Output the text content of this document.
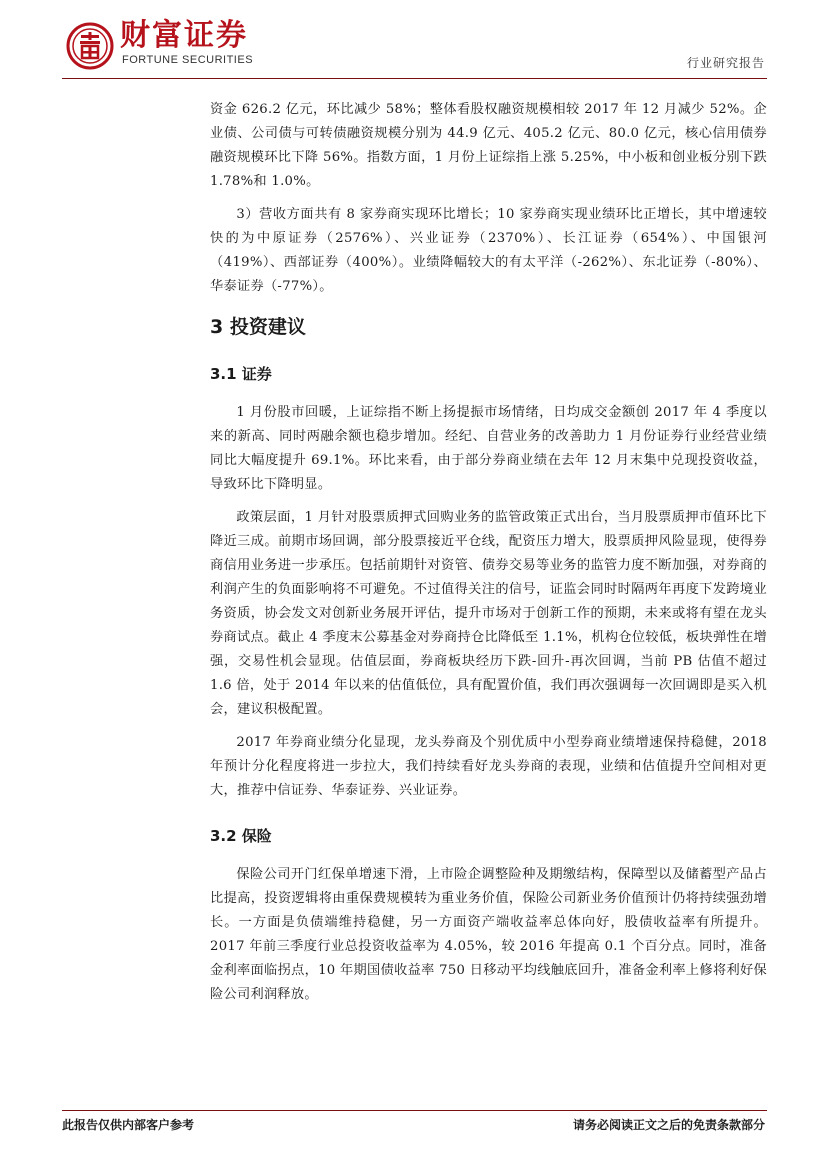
财富证券
FORTUNE SECURITIES	行业研究报告

资金 626.2 亿元，环比减少 58%；整体看股权融资规模相较 2017 年 12 月减少 52%。企业债、公司债与可转债融资规模分别为 44.9 亿元、405.2 亿元、80.0 亿元，核心信用债券融资规模环比下降 56%。指数方面，1 月份上证综指上涨 5.25%，中小板和创业板分别下跌 1.78%和 1.0%。

3）营收方面共有 8 家券商实现环比增长；10 家券商实现业绩环比正增长，其中增速较快的为中原证券（2576%）、兴业证券（2370%）、长江证券（654%）、中国银河（419%）、西部证券（400%）。业绩降幅较大的有太平洋（-262%）、东北证券（-80%）、华泰证券（-77%）。

3 投资建议
3.1 证券

1 月份股市回暖，上证综指不断上扬提振市场情绪，日均成交金额创 2017 年 4 季度以来的新高、同时两融余额也稳步增加。经纪、自营业务的改善助力 1 月份证券行业经营业绩同比大幅度提升 69.1%。环比来看，由于部分券商业绩在去年 12 月末集中兑现投资收益，导致环比下降明显。

政策层面，1 月针对股票质押式回购业务的监管政策正式出台，当月股票质押市值环比下降近三成。前期市场回调，部分股票接近平仓线，配资压力增大，股票质押风险显现，使得券商信用业务进一步承压。包括前期针对资管、债券交易等业务的监管力度不断加强，对券商的利润产生的负面影响将不可避免。不过值得关注的信号，证监会同时时隔两年再度下发跨境业务资质，协会发文对创新业务展开评估，提升市场对于创新工作的预期，未来或将有望在龙头券商试点。截止 4 季度末公募基金对券商持仓比降低至 1.1%，机构仓位较低，板块弹性在增强，交易性机会显现。估值层面，券商板块经历下跌-回升-再次回调，当前 PB 估值不超过 1.6 倍，处于 2014 年以来的估值低位，具有配置价值，我们再次强调每一次回调即是买入机会，建议积极配置。

2017 年券商业绩分化显现，龙头券商及个别优质中小型券商业绩增速保持稳健，2018 年预计分化程度将进一步拉大，我们持续看好龙头券商的表现，业绩和估值提升空间相对更大，推荐中信证券、华泰证券、兴业证券。

3.2 保险

保险公司开门红保单增速下滑，上市险企调整险种及期缴结构，保障型以及储蓄型产品占比提高，投资逻辑将由重保费规模转为重业务价值，保险公司新业务价值预计仍将持续强劲增长。一方面是负债端维持稳健，另一方面资产端收益率总体向好，股债收益率有所提升。2017 年前三季度行业总投资收益率为 4.05%，较 2016 年提高 0.1 个百分点。同时，准备金利率面临拐点，10 年期国债收益率 750 日移动平均线触底回升，准备金利率上修将利好保险公司利润释放。

此报告仅供内部客户参考	请务必阅读正文之后的免责条款部分
